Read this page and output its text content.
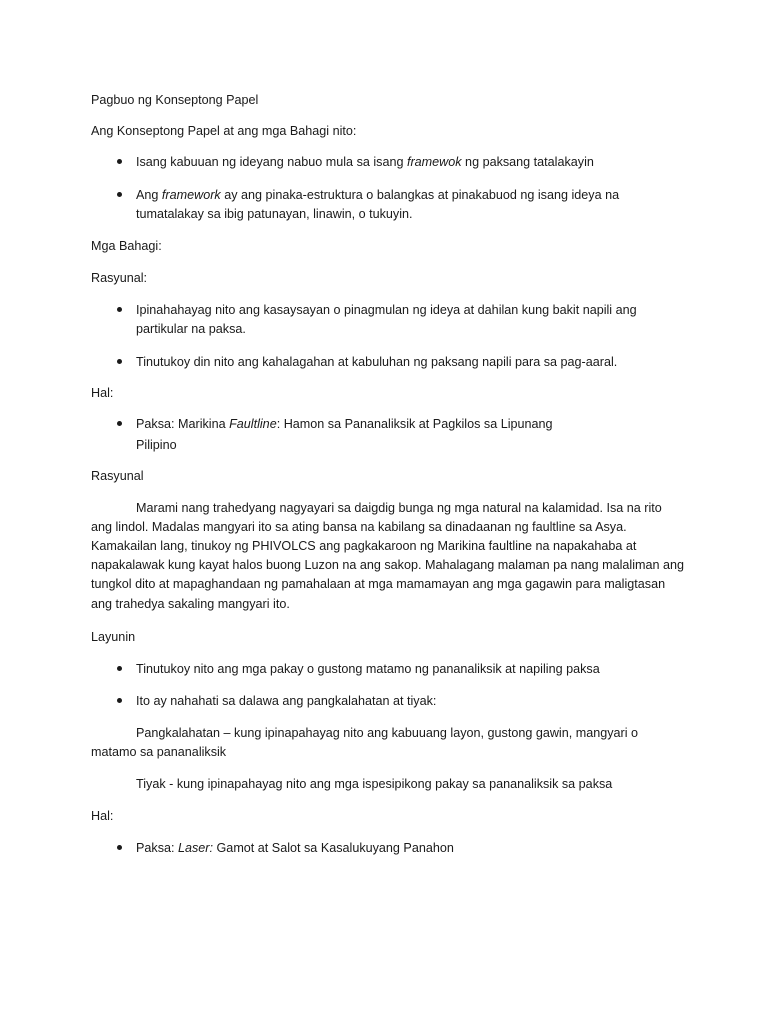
Pagbuo ng Konseptong Papel
Ang Konseptong Papel at ang mga Bahagi nito:
Isang kabuuan ng ideyang nabuo mula sa isang framewok ng paksang tatalakayin
Ang framework ay ang pinaka-estruktura o balangkas at pinakabuod ng isang ideya na
tumatalakay sa ibig patunayan, linawin, o tukuyin.
Mga Bahagi:
Rasyunal:
Ipinahahayag nito ang kasaysayan o pinagmulan ng ideya at dahilan kung bakit napili ang
partikular na paksa.
Tinutukoy din nito ang kahalagahan at kabuluhan ng paksang napili para sa pag-aaral.
Hal:
Paksa: Marikina Faultline: Hamon sa Pananaliksik at Pagkilos sa Lipunang
Pilipino
Rasyunal
Marami nang trahedyang nagyayari sa daigdig bunga ng mga natural na kalamidad. Isa na rito
ang lindol. Madalas mangyari ito sa ating bansa na kabilang sa dinadaanan ng faultline sa Asya.
Kamakailan lang, tinukoy ng PHIVOLCS ang pagkakaroon ng Marikina faultline na napakahaba at
napakalawak kung kayat halos buong Luzon na ang sakop. Mahalagang malaman pa nang malaliman ang
tungkol dito at mapaghandaan ng pamahalaan at mga mamamayan ang mga gagawin para maligtasan
ang trahedya sakaling mangyari ito.
Layunin
Tinutukoy nito ang mga pakay o gustong matamo ng pananaliksik at napiling paksa
Ito ay nahahati sa dalawa ang pangkalahatan at tiyak:
Pangkalahatan – kung ipinapahayag nito ang kabuuang layon, gustong gawin, mangyari o
matamo sa pananaliksik
Tiyak - kung ipinapahayag nito ang mga ispesipikong pakay sa pananaliksik sa paksa
Hal:
Paksa: Laser: Gamot at Salot sa Kasalukuyang Panahon
